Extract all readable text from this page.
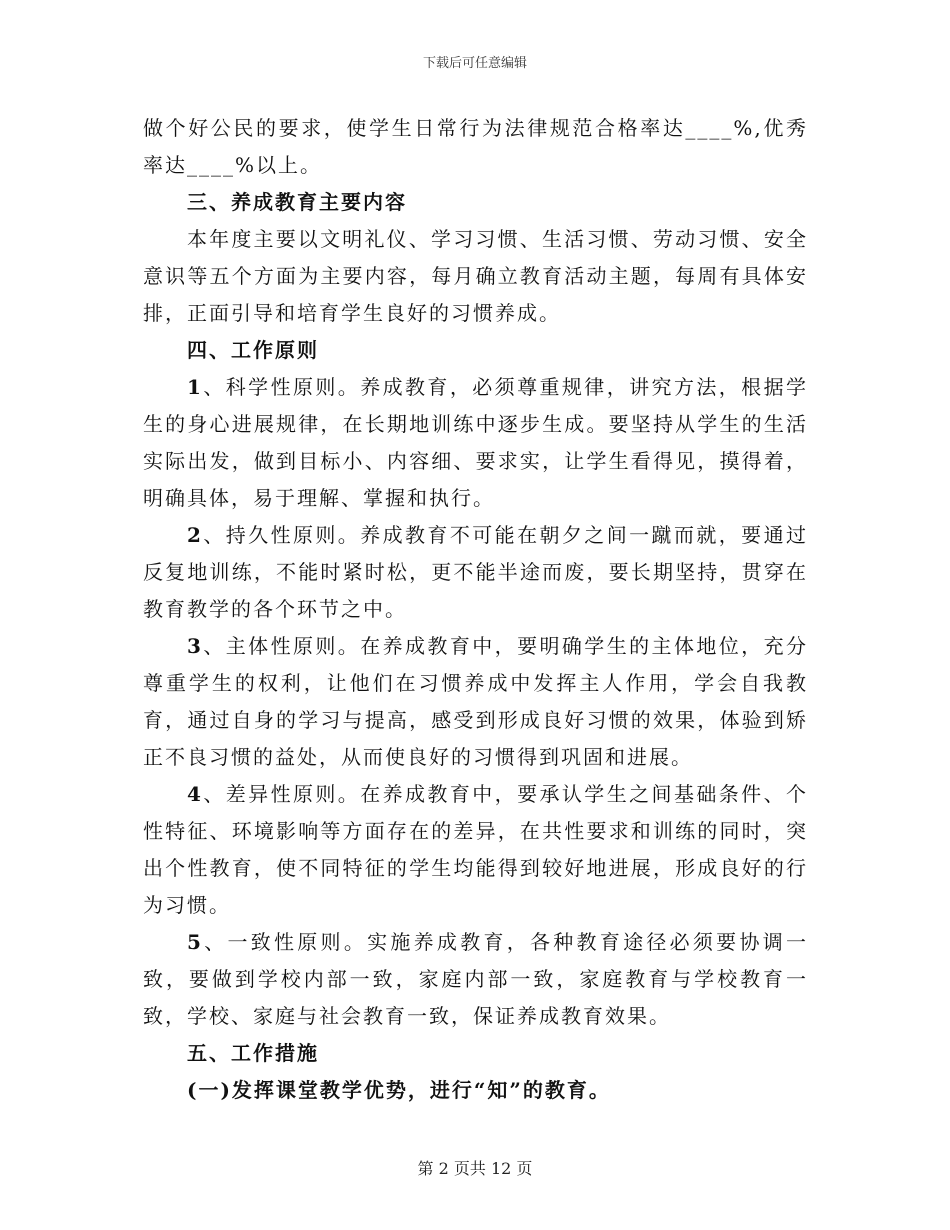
下载后可任意编辑

做个好公民的要求，使学生日常行为法律规范合格率达____%,优秀率达____%以上。

三、养成教育主要内容

本年度主要以文明礼仪、学习习惯、生活习惯、劳动习惯、安全意识等五个方面为主要内容，每月确立教育活动主题，每周有具体安排，正面引导和培育学生良好的习惯养成。

四、工作原则

1、科学性原则。养成教育，必须尊重规律，讲究方法，根据学生的身心进展规律，在长期地训练中逐步生成。要坚持从学生的生活实际出发，做到目标小、内容细、要求实，让学生看得见，摸得着，明确具体，易于理解、掌握和执行。

2、持久性原则。养成教育不可能在朝夕之间一蹴而就，要通过反复地训练，不能时紧时松，更不能半途而废，要长期坚持，贯穿在教育教学的各个环节之中。

3、主体性原则。在养成教育中，要明确学生的主体地位，充分尊重学生的权利，让他们在习惯养成中发挥主人作用，学会自我教育，通过自身的学习与提高，感受到形成良好习惯的效果，体验到矫正不良习惯的益处，从而使良好的习惯得到巩固和进展。

4、差异性原则。在养成教育中，要承认学生之间基础条件、个性特征、环境影响等方面存在的差异，在共性要求和训练的同时，突出个性教育，使不同特征的学生均能得到较好地进展，形成良好的行为习惯。

5、一致性原则。实施养成教育，各种教育途径必须要协调一致，要做到学校内部一致，家庭内部一致，家庭教育与学校教育一致，学校、家庭与社会教育一致，保证养成教育效果。

五、工作措施

(一)发挥课堂教学优势，进行“知”的教育。

第 2 页共 12 页
